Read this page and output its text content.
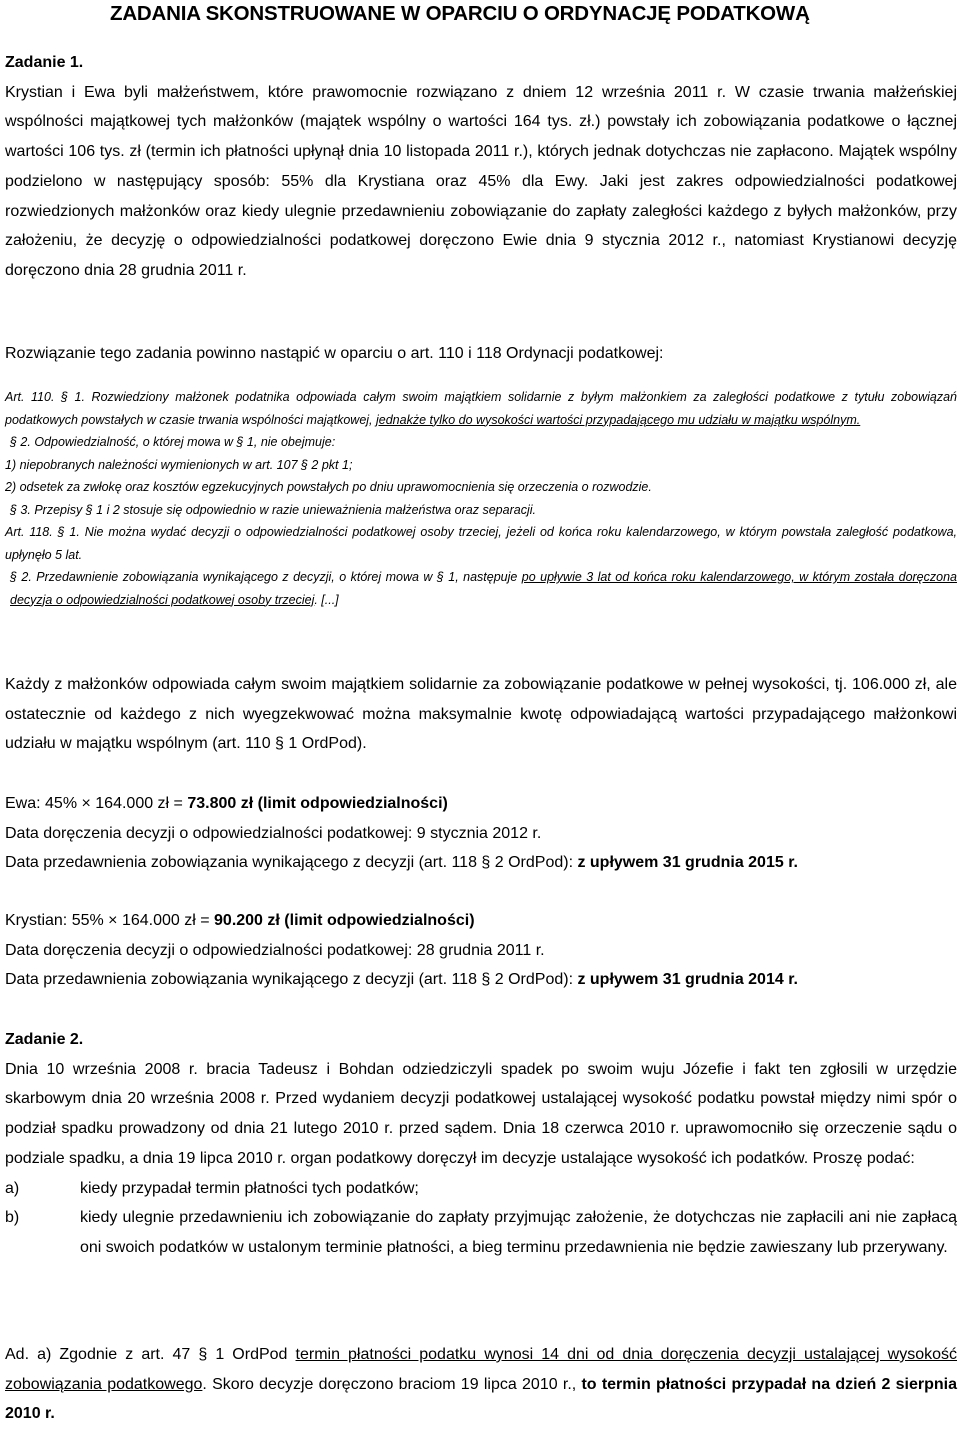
ZADANIA SKONSTRUOWANE W OPARCIU O ORDYNACJĘ PODATKOWĄ
Zadanie 1.

Krystian i Ewa byli małżeństwem, które prawomocnie rozwiązano z dniem 12 września 2011 r. W czasie trwania małżeńskiej wspólności majątkowej tych małżonków (majątek wspólny o wartości 164 tys. zł.) powstały ich zobowiązania podatkowe o łącznej wartości 106 tys. zł (termin ich płatności upłynął dnia 10 listopada 2011 r.), których jednak dotychczas nie zapłacono. Majątek wspólny podzielono w następujący sposób: 55% dla Krystiana oraz 45% dla Ewy. Jaki jest zakres odpowiedzialności podatkowej rozwiedzionych małżonków oraz kiedy ulegnie przedawnieniu zobowiązanie do zapłaty zaległości każdego z byłych małżonków, przy założeniu, że decyzję o odpowiedzialności podatkowej doręczono Ewie dnia 9 stycznia 2012 r., natomiast Krystianowi decyzję doręczono dnia 28 grudnia 2011 r.

Rozwiązanie tego zadania powinno nastąpić w oparciu o art. 110 i 118 Ordynacji podatkowej:

Art. 110. § 1. Rozwiedziony małżonek podatnika odpowiada całym swoim majątkiem solidarnie z byłym małżonkiem za zaległości podatkowe z tytułu zobowiązań podatkowych powstałych w czasie trwania wspólności majątkowej, jednakże tylko do wysokości wartości przypadającego mu udziału w majątku wspólnym.

§ 2. Odpowiedzialność, o której mowa w § 1, nie obejmuje:

1) niepobranych należności wymienionych w art. 107 § 2 pkt 1;

2) odsetek za zwłokę oraz kosztów egzekucyjnych powstałych po dniu uprawomocnienia się orzeczenia o rozwodzie.

§ 3. Przepisy § 1 i 2 stosuje się odpowiednio w razie unieważnienia małżeństwa oraz separacji.

Art. 118. § 1. Nie można wydać decyzji o odpowiedzialności podatkowej osoby trzeciej, jeżeli od końca roku kalendarzowego, w którym powstała zaległość podatkowa, upłynęło 5 lat.

§ 2. Przedawnienie zobowiązania wynikającego z decyzji, o której mowa w § 1, następuje po upływie 3 lat od końca roku kalendarzowego, w którym została doręczona decyzja o odpowiedzialności podatkowej osoby trzeciej. [...]

Każdy z małżonków odpowiada całym swoim majątkiem solidarnie za zobowiązanie podatkowe w pełnej wysokości, tj. 106.000 zł, ale ostatecznie od każdego z nich wyegzekwować można maksymalnie kwotę odpowiadającą wartości przypadającego małżonkowi udziału w majątku wspólnym (art. 110 § 1 OrdPod).

Ewa: 45% × 164.000 zł = 73.800 zł (limit odpowiedzialności)

Data doręczenia decyzji o odpowiedzialności podatkowej: 9 stycznia 2012 r.

Data przedawnienia zobowiązania wynikającego z decyzji (art. 118 § 2 OrdPod): z upływem 31 grudnia 2015 r.

Krystian: 55% × 164.000 zł = 90.200 zł (limit odpowiedzialności)

Data doręczenia decyzji o odpowiedzialności podatkowej: 28 grudnia 2011 r.

Data przedawnienia zobowiązania wynikającego z decyzji (art. 118 § 2 OrdPod): z upływem 31 grudnia 2014 r.

Zadanie 2.

Dnia 10 września 2008 r. bracia Tadeusz i Bohdan odziedziczyli spadek po swoim wuju Józefie i fakt ten zgłosili w urzędzie skarbowym dnia 20 września 2008 r. Przed wydaniem decyzji podatkowej ustalającej wysokość podatku powstał między nimi spór o podział spadku prowadzony od dnia 21 lutego 2010 r. przed sądem. Dnia 18 czerwca 2010 r. uprawomocniło się orzeczenie sądu o podziale spadku, a dnia 19 lipca 2010 r. organ podatkowy doręczył im decyzje ustalające wysokość ich podatków. Proszę podać:

a)	kiedy przypadał termin płatności tych podatków;

b)	kiedy ulegnie przedawnieniu ich zobowiązanie do zapłaty przyjmując założenie, że dotychczas nie zapłacili ani nie zapłacą oni swoich podatków w ustalonym terminie płatności, a bieg terminu przedawnienia nie będzie zawieszany lub przerywany.

Ad. a) Zgodnie z art. 47 § 1 OrdPod termin płatności podatku wynosi 14 dni od dnia doręczenia decyzji ustalającej wysokość zobowiązania podatkowego. Skoro decyzje doręczono braciom 19 lipca 2010 r., to termin płatności przypadał na dzień 2 sierpnia 2010 r.
